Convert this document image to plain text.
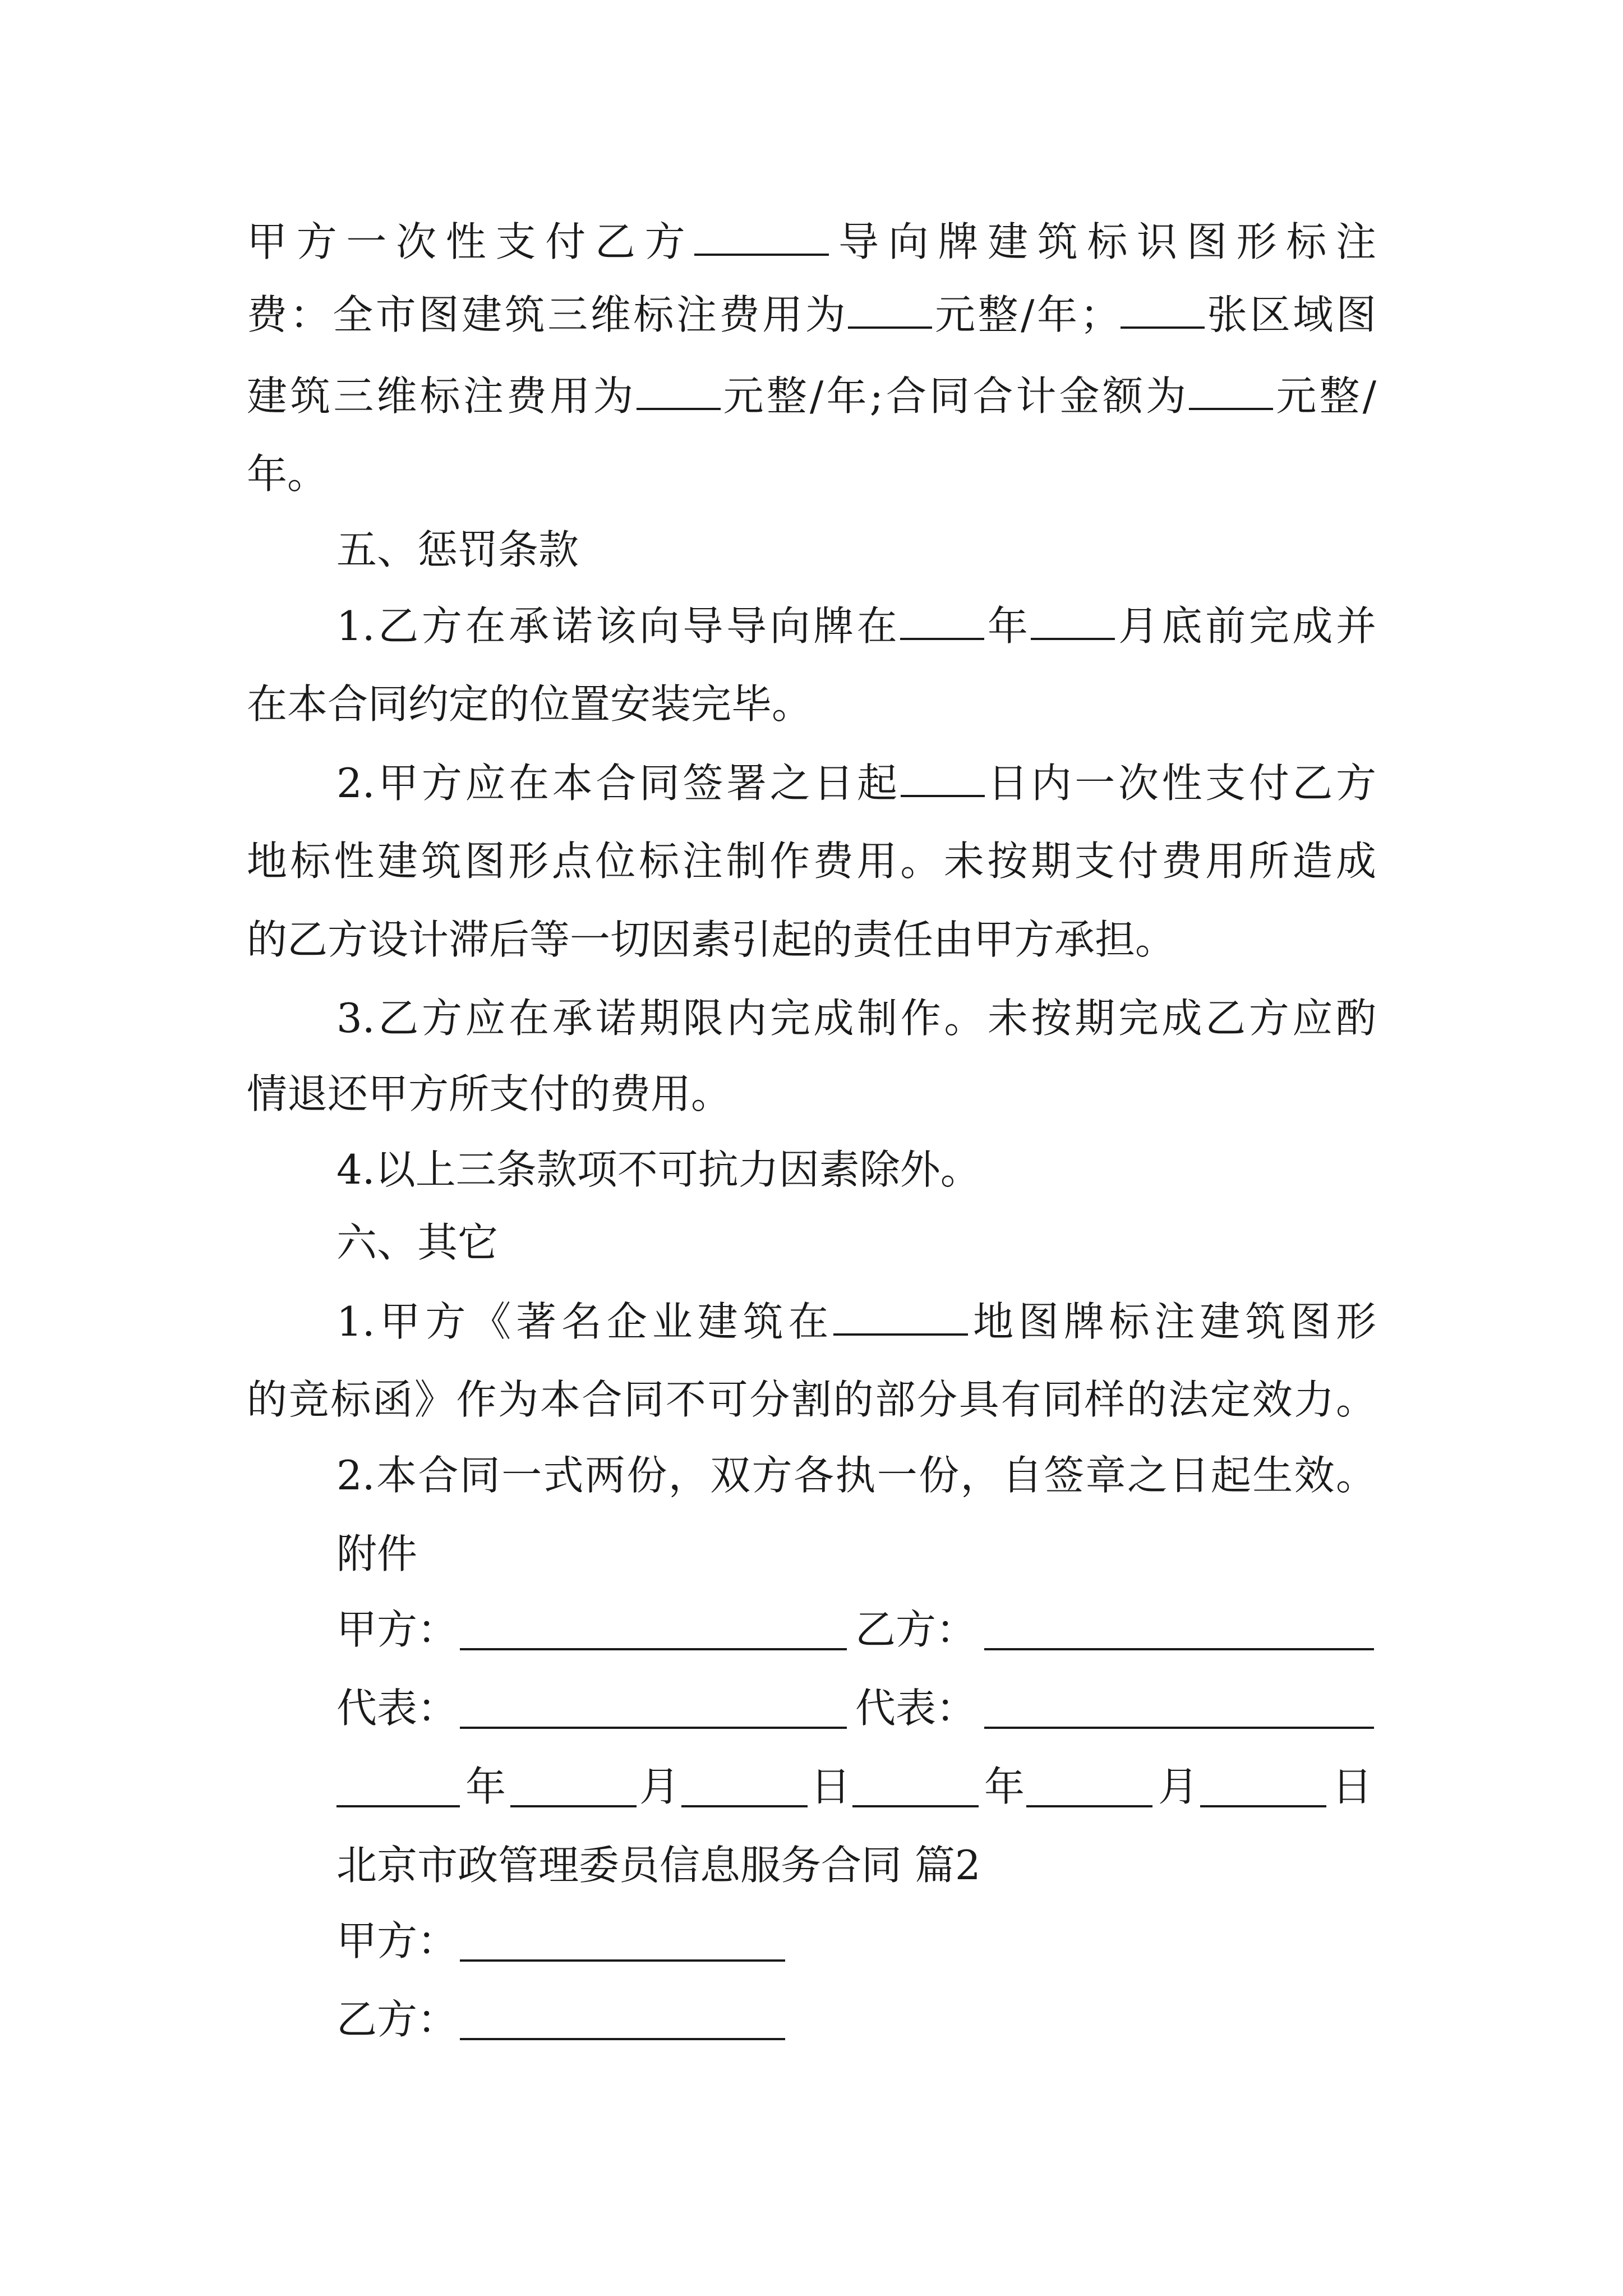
甲方一次性支付乙方	导向牌建筑标识图形标注
费：全市图建筑三维标注费用为 元整/年； 张区域图
建筑三维标注费用为 元整/年;合同合计金额为 元整/
年。
五、惩罚条款
1.乙方在承诺该向导导向牌在 年 月底前完成并
在本合同约定的位置安装完毕。
2.甲方应在本合同签署之日起 日内一次性支付乙方
地标性建筑图形点位标注制作费用。未按期支付费用所造成
的乙方设计滞后等一切因素引起的责任由甲方承担。
3.乙方应在承诺期限内完成制作。未按期完成乙方应酌
情退还甲方所支付的费用。
4.以上三条款项不可抗力因素除外。
六、其它
1.甲方《著名企业建筑在	地图牌标注建筑图形
的竞标函》作为本合同不可分割的部分具有同样的法定效力。
2.本合同一式两份，双方各执一份，自签章之日起生效。
附件
甲方：	乙方：
代表：	代表：
年	月	日	年	月	日
北京市政管理委员信息服务合同 篇2
甲方：
乙方：
